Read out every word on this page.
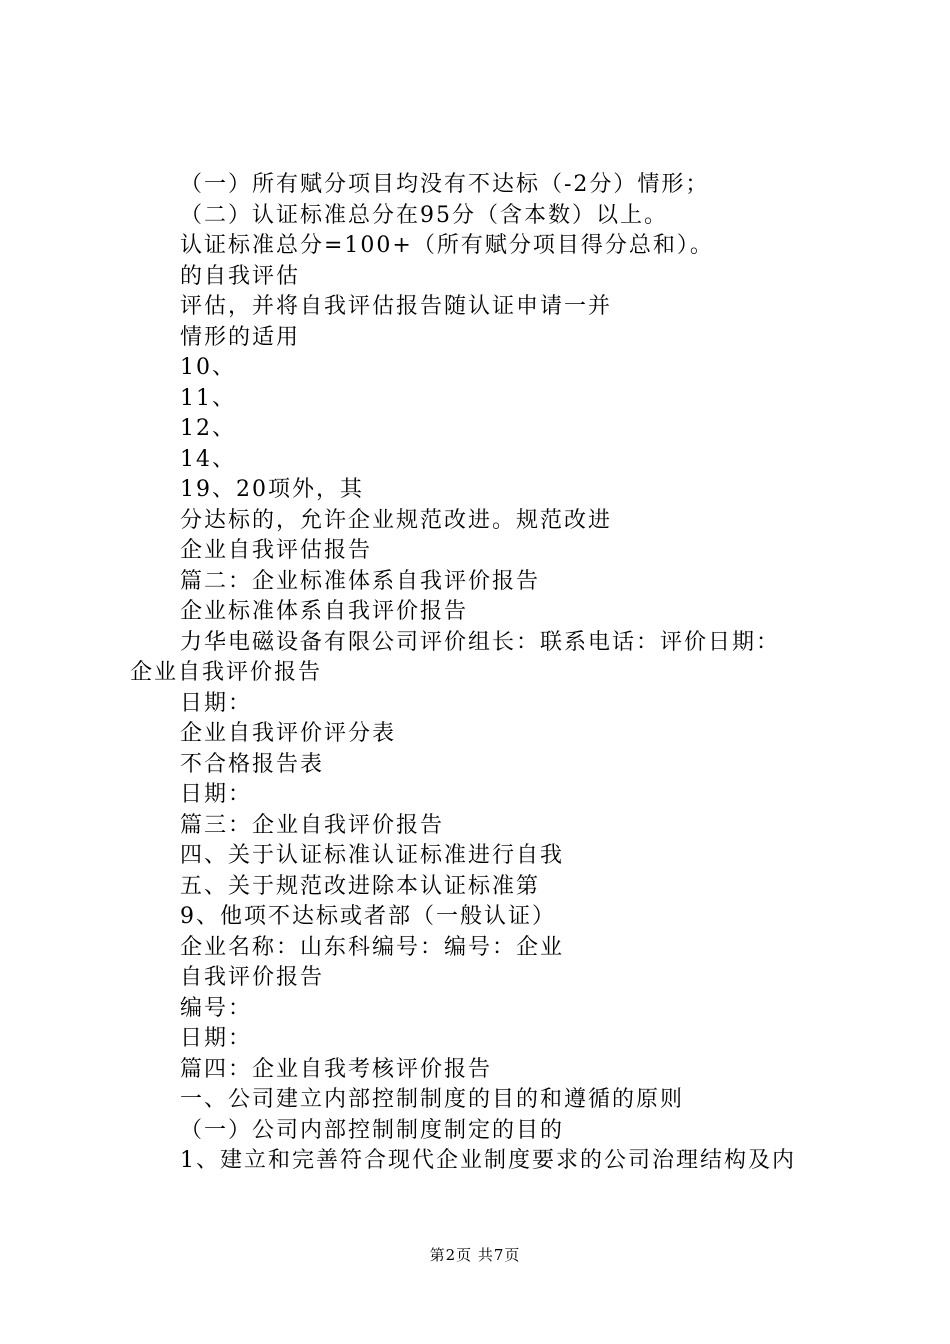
（一）所有赋分项目均没有不达标（-2分）情形；
（二）认证标准总分在95分（含本数）以上。
认证标准总分=100+（所有赋分项目得分总和）。
的自我评估
评估，并将自我评估报告随认证申请一并
情形的适用
10、
11、
12、
14、
19、20项外，其
分达标的，允许企业规范改进。规范改进
企业自我评估报告
篇二：企业标准体系自我评价报告
企业标准体系自我评价报告
力华电磁设备有限公司评价组长：联系电话：评价日期：
企业自我评价报告
日期：
企业自我评价评分表
不合格报告表
日期：
篇三：企业自我评价报告
四、关于认证标准认证标准进行自我
五、关于规范改进除本认证标准第
9、他项不达标或者部（一般认证）
企业名称：山东科编号：编号：企业
自我评价报告
编号：
日期：
篇四：企业自我考核评价报告
一、公司建立内部控制制度的目的和遵循的原则
（一）公司内部控制制度制定的目的
1、建立和完善符合现代企业制度要求的公司治理结构及内
第2页 共7页
